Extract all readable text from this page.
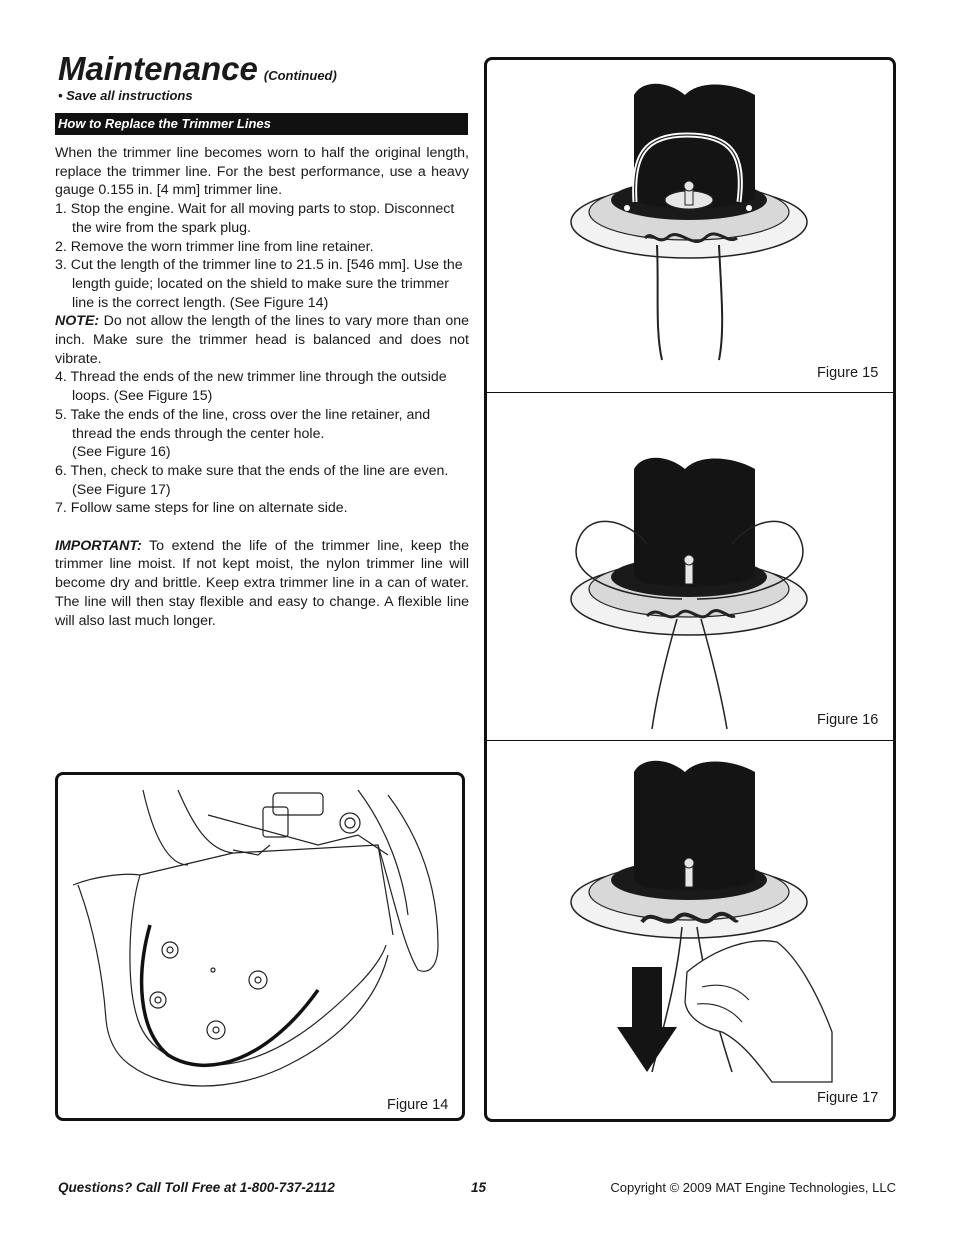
Maintenance (Continued)
• Save all instructions
How to Replace the Trimmer Lines

When the trimmer line becomes worn to half the original length, replace the trimmer line. For the best performance, use a heavy gauge 0.155 in. [4 mm] trimmer line.

1. Stop the engine. Wait for all moving parts to stop. Disconnect the wire from the spark plug.

2. Remove the worn trimmer line from line retainer.

3. Cut the length of the trimmer line to 21.5 in. [546 mm]. Use the length guide; located on the shield to make sure the trimmer line is the correct length. (See Figure 14)

NOTE: Do not allow the length of the lines to vary more than one inch. Make sure the trimmer head is balanced and does not vibrate.

4. Thread the ends of the new trimmer line through the outside loops. (See Figure 15)

5. Take the ends of the line, cross over the line retainer, and thread the ends through the center hole.

(See Figure 16)

6. Then, check to make sure that the ends of the line are even. (See Figure 17)

7. Follow same steps for line on alternate side.

IMPORTANT: To extend the life of the trimmer line, keep the trimmer line moist. If not kept moist, the nylon trimmer line will become dry and brittle. Keep extra trimmer line in a can of water. The line will then stay flexible and easy to change. A flexible line will also last much longer.

Figure 14
Figure 15
Figure 16
Figure 17
Questions? Call Toll Free at 1-800-737-2112	15	Copyright © 2009 MAT Engine Technologies, LLC
